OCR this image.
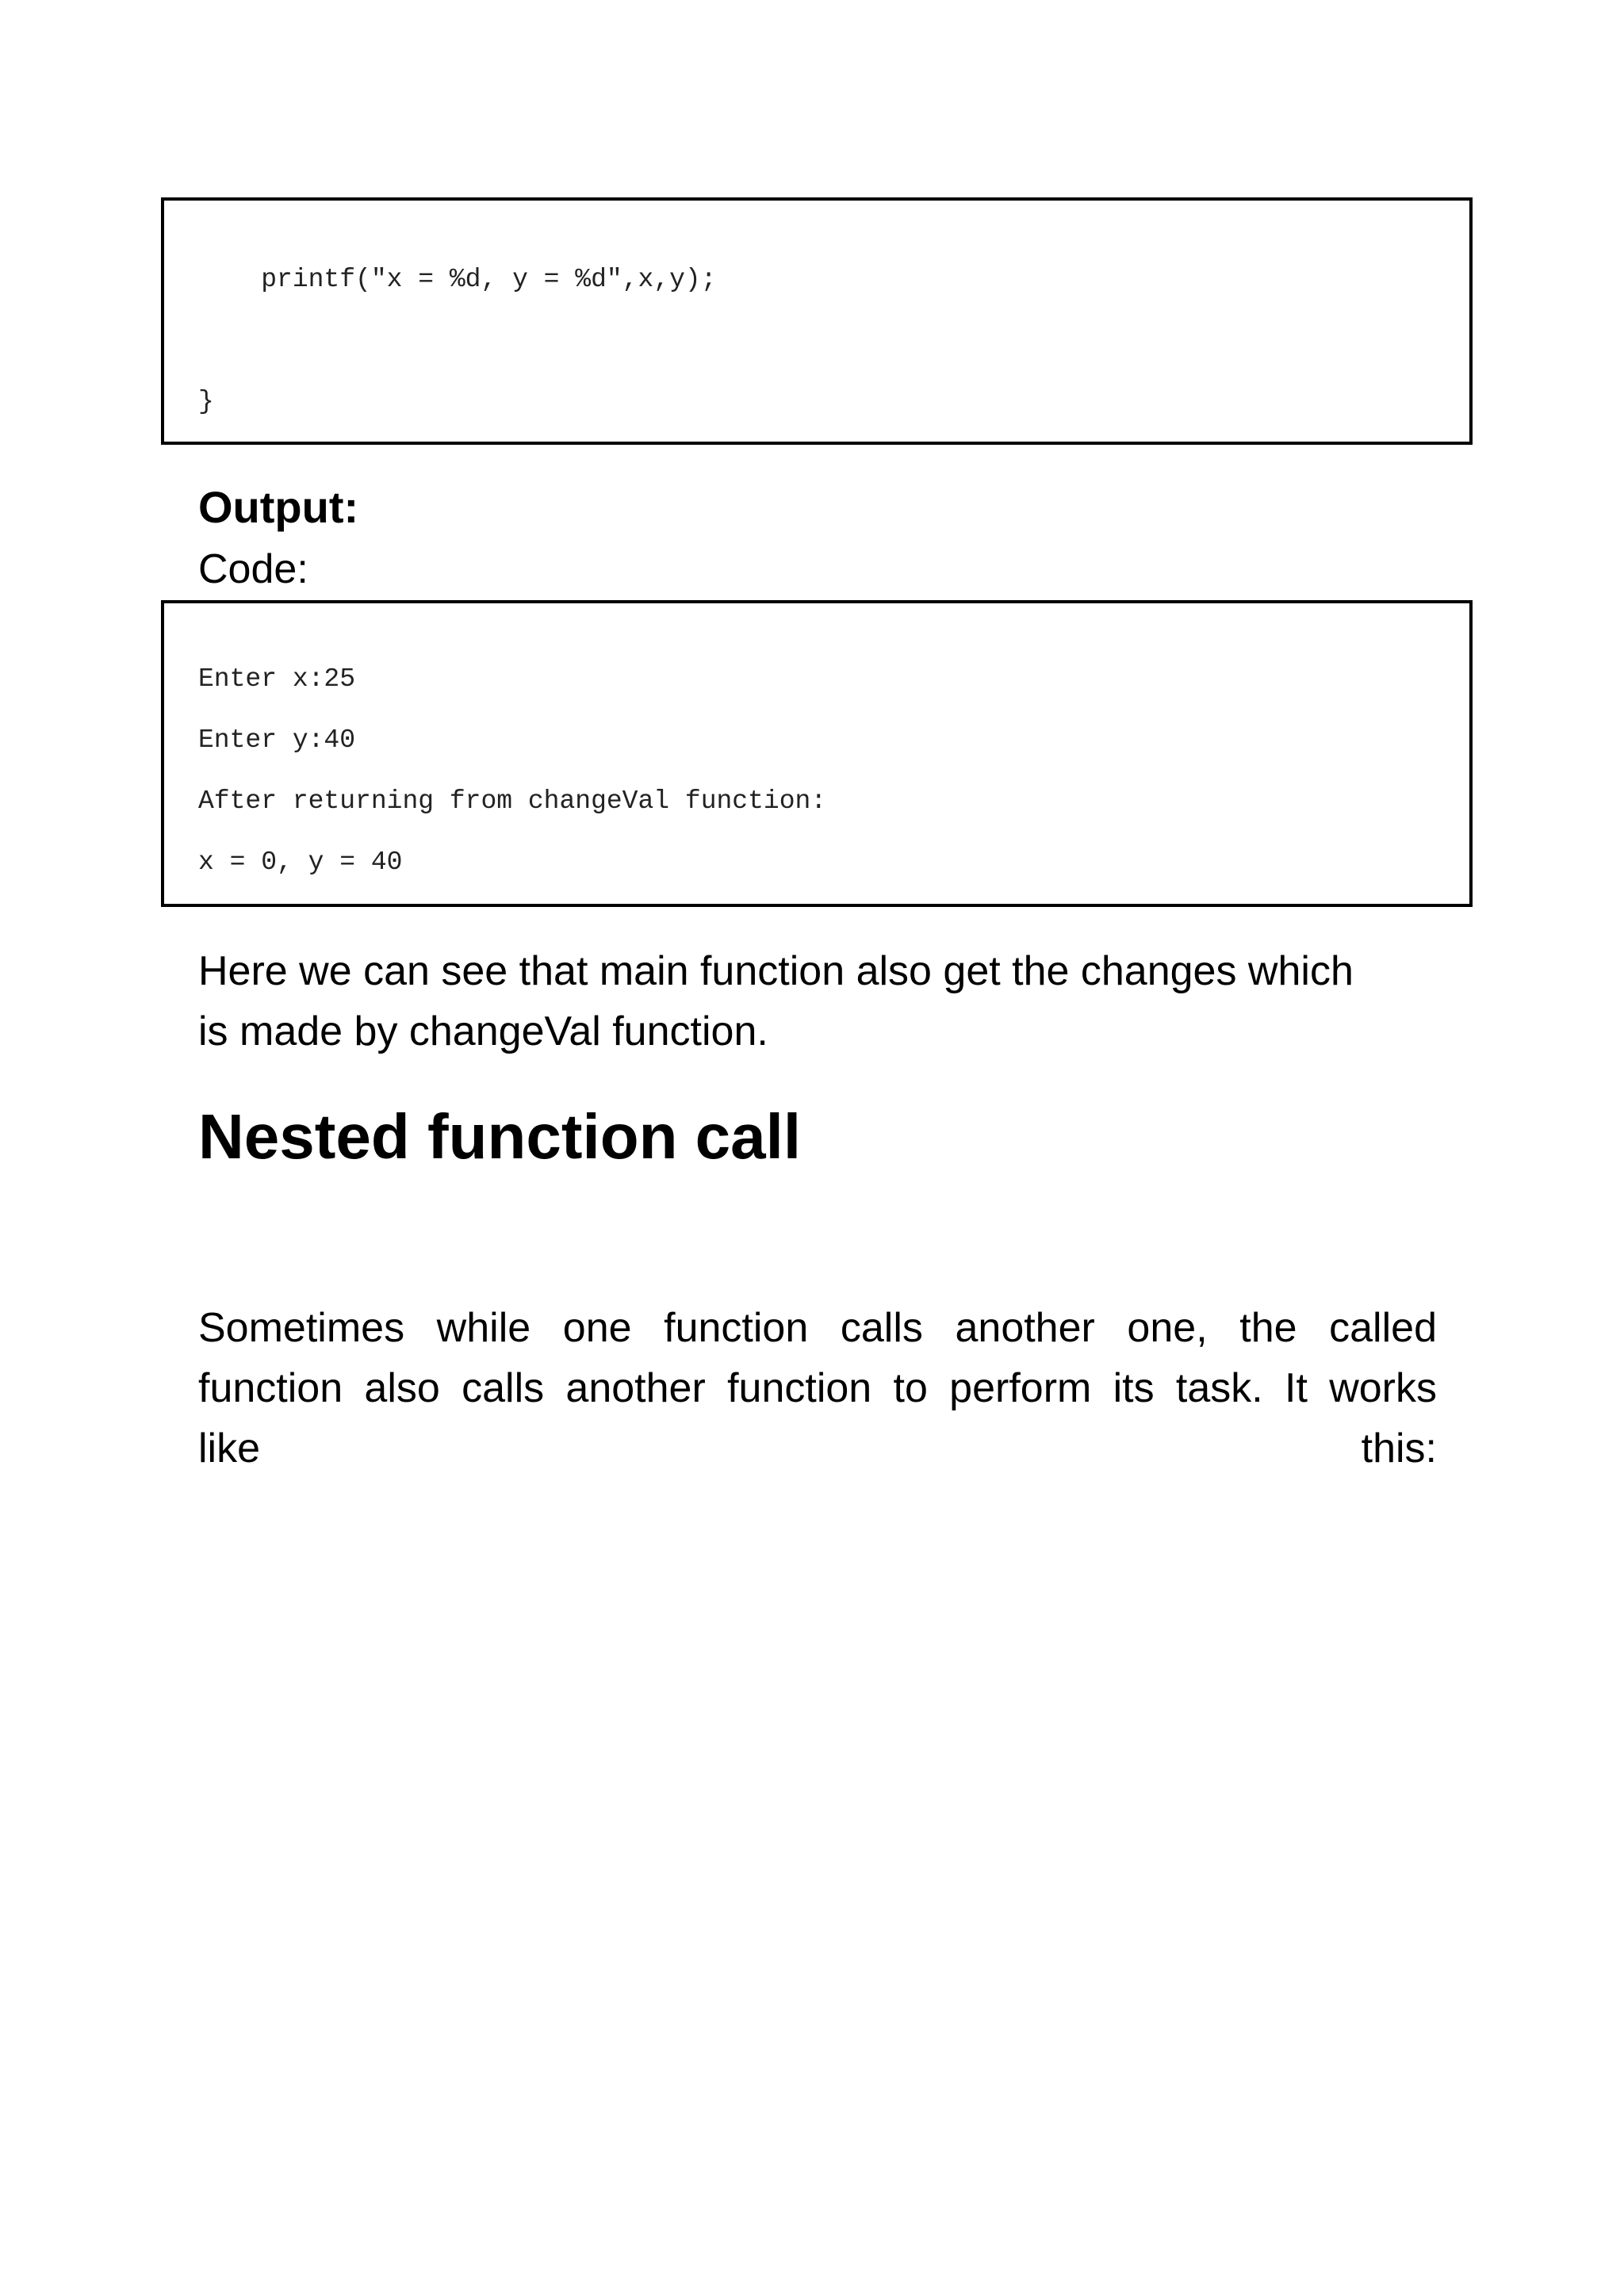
printf("x = %d, y = %d",x,y);
}
Output:
Code:
Enter x:25
Enter y:40
After returning from changeVal function:
x = 0, y = 40
Here we can see that main function also get the changes which
is made by changeVal function.
Nested function call
Sometimes while one function calls another one, the called
function also calls another function to perform its task. It works
like	this:
